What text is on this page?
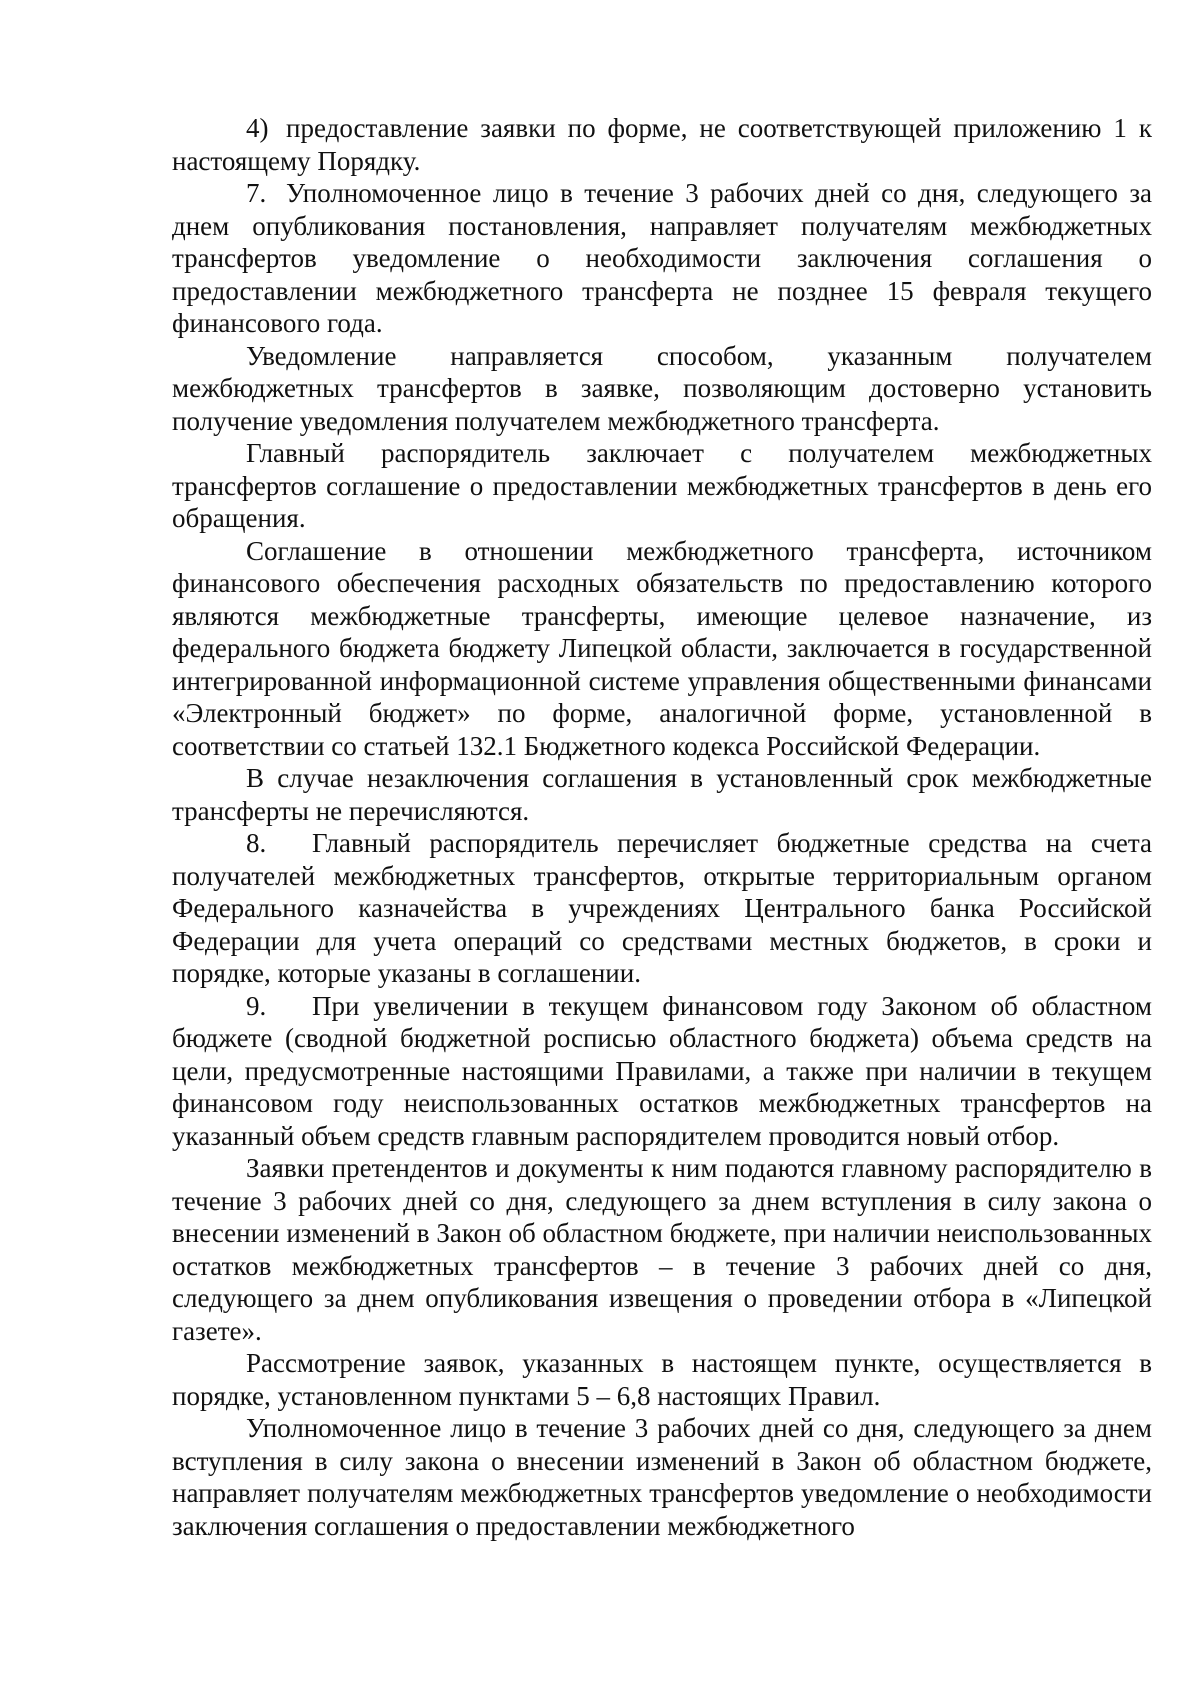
4) предоставление заявки по форме, не соответствующей приложению 1 к настоящему Порядку.

7. Уполномоченное лицо в течение 3 рабочих дней со дня, следующего за днем опубликования постановления, направляет получателям межбюджетных трансфертов уведомление о необходимости заключения соглашения о предоставлении межбюджетного трансферта не позднее 15 февраля текущего финансового года.

Уведомление направляется способом, указанным получателем межбюджетных трансфертов в заявке, позволяющим достоверно установить получение уведомления получателем межбюджетного трансферта.

Главный распорядитель заключает с получателем межбюджетных трансфертов соглашение о предоставлении межбюджетных трансфертов в день его обращения.

Соглашение в отношении межбюджетного трансферта, источником финансового обеспечения расходных обязательств по предоставлению которого являются межбюджетные трансферты, имеющие целевое назначение, из федерального бюджета бюджету Липецкой области, заключается в государственной интегрированной информационной системе управления общественными финансами «Электронный бюджет» по форме, аналогичной форме, установленной в соответствии со статьей 132.1 Бюджетного кодекса Российской Федерации.

В случае незаключения соглашения в установленный срок межбюджетные трансферты не перечисляются.

8. Главный распорядитель перечисляет бюджетные средства на счета получателей межбюджетных трансфертов, открытые территориальным органом Федерального казначейства в учреждениях Центрального банка Российской Федерации для учета операций со средствами местных бюджетов, в сроки и порядке, которые указаны в соглашении.

9. При увеличении в текущем финансовом году Законом об областном бюджете (сводной бюджетной росписью областного бюджета) объема средств на цели, предусмотренные настоящими Правилами, а также при наличии в текущем финансовом году неиспользованных остатков межбюджетных трансфертов на указанный объем средств главным распорядителем проводится новый отбор.

Заявки претендентов и документы к ним подаются главному распорядителю в течение 3 рабочих дней со дня, следующего за днем вступления в силу закона о внесении изменений в Закон об областном бюджете, при наличии неиспользованных остатков межбюджетных трансфертов – в течение 3 рабочих дней со дня, следующего за днем опубликования извещения о проведении отбора в «Липецкой газете».

Рассмотрение заявок, указанных в настоящем пункте, осуществляется в порядке, установленном пунктами 5 – 6,8 настоящих Правил.

Уполномоченное лицо в течение 3 рабочих дней со дня, следующего за днем вступления в силу закона о внесении изменений в Закон об областном бюджете, направляет получателям межбюджетных трансфертов уведомление о необходимости заключения соглашения о предоставлении межбюджетного
